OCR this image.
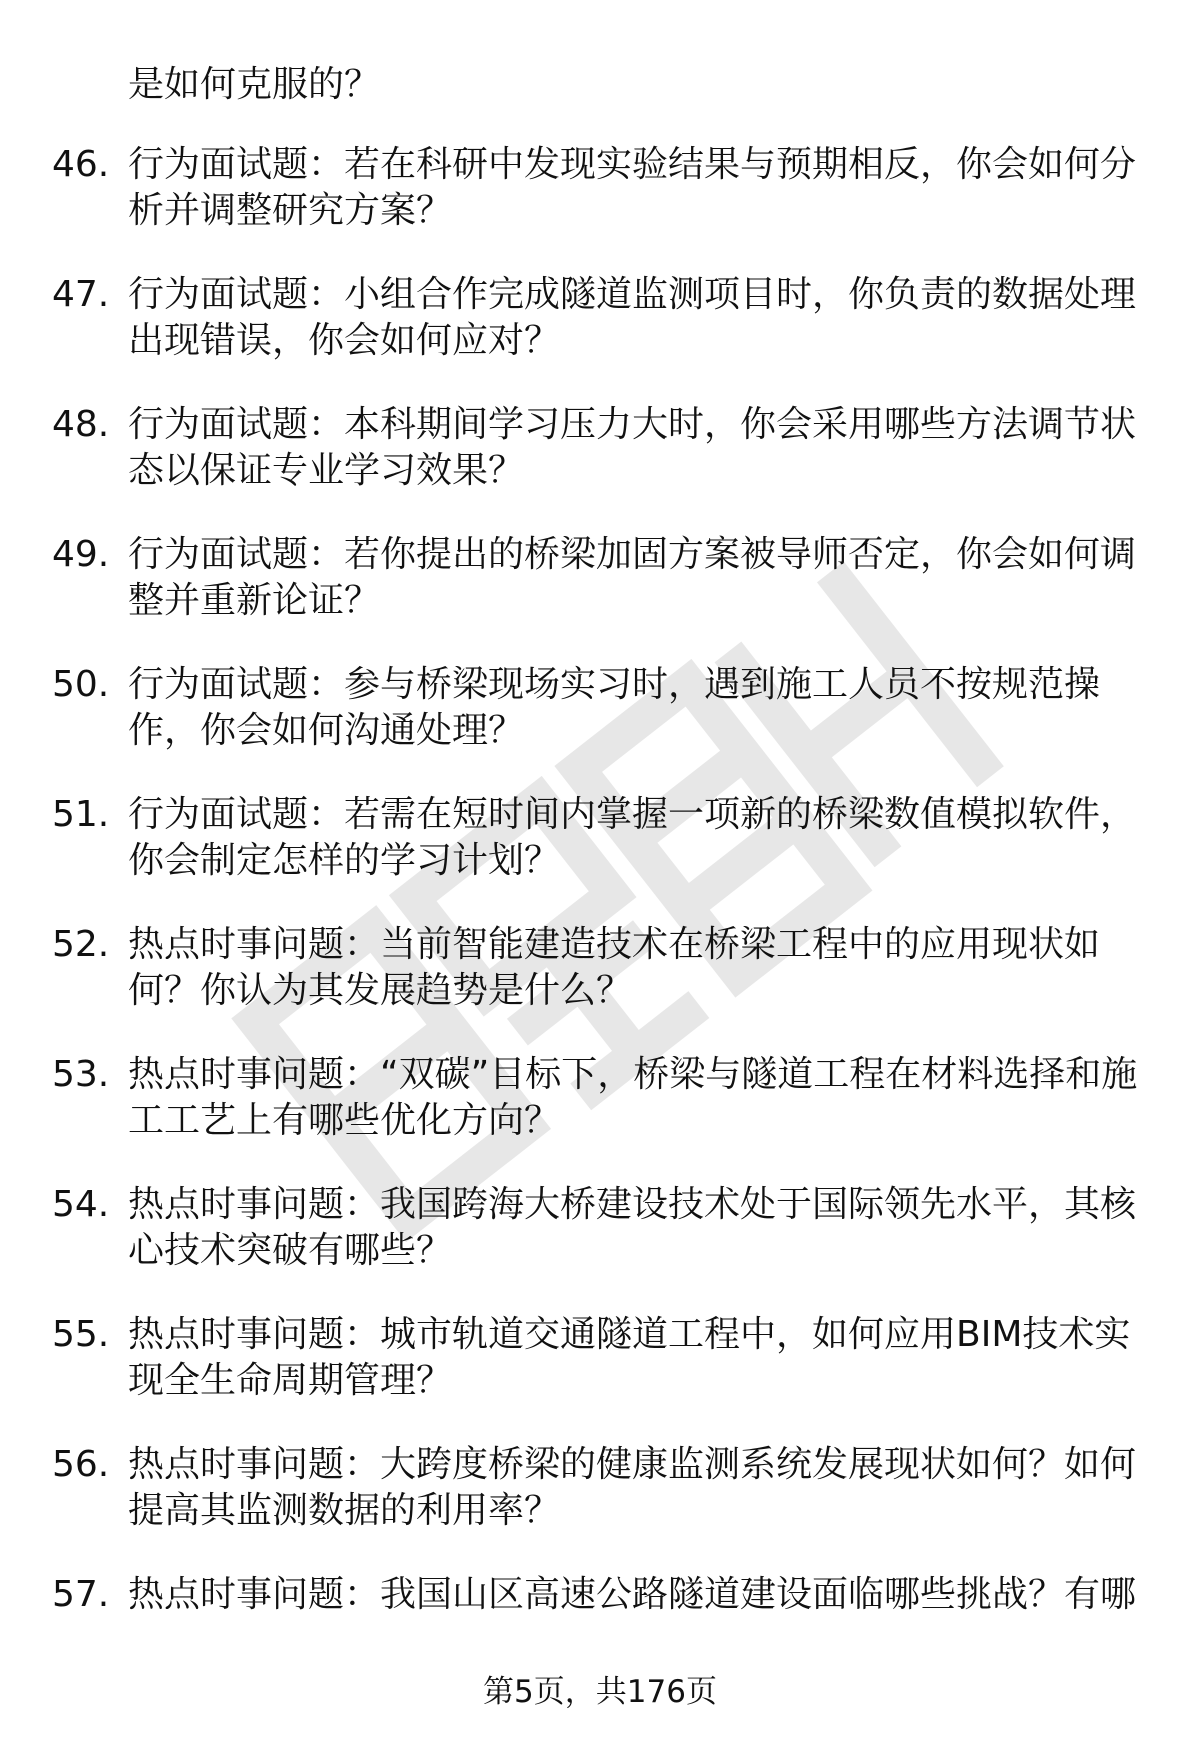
是如何克服的？
46. 行为面试题：若在科研中发现实验结果与预期相反，你会如何分析并调整研究方案？
47. 行为面试题：小组合作完成隧道监测项目时，你负责的数据处理出现错误，你会如何应对？
48. 行为面试题：本科期间学习压力大时，你会采用哪些方法调节状态以保证专业学习效果？
49. 行为面试题：若你提出的桥梁加固方案被导师否定，你会如何调整并重新论证？
50. 行为面试题：参与桥梁现场实习时，遇到施工人员不按规范操作，你会如何沟通处理？
51. 行为面试题：若需在短时间内掌握一项新的桥梁数值模拟软件，你会制定怎样的学习计划？
52. 热点时事问题：当前智能建造技术在桥梁工程中的应用现状如何？你认为其发展趋势是什么？
53. 热点时事问题：“双碳”目标下，桥梁与隧道工程在材料选择和施工工艺上有哪些优化方向？
54. 热点时事问题：我国跨海大桥建设技术处于国际领先水平，其核心技术突破有哪些？
55. 热点时事问题：城市轨道交通隧道工程中，如何应用BIM技术实现全生命周期管理？
56. 热点时事问题：大跨度桥梁的健康监测系统发展现状如何？如何提高其监测数据的利用率？
57. 热点时事问题：我国山区高速公路隧道建设面临哪些挑战？有哪
第5页，共176页
